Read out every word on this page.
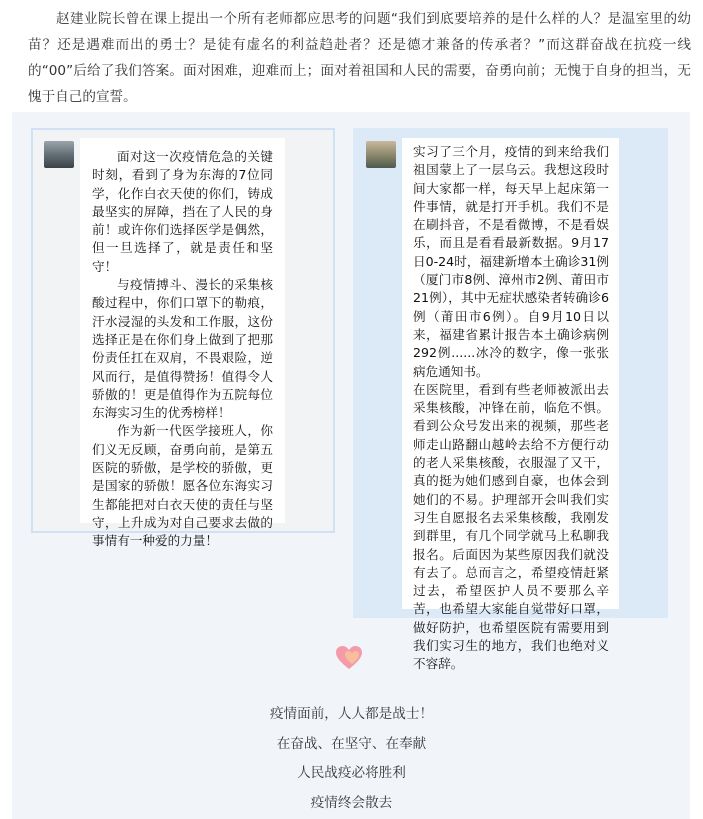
赵建业院长曾在课上提出一个所有老师都应思考的问题“我们到底要培养的是什么样的人？是温室里的幼苗？还是遇难而出的勇士？是徒有虚名的利益趋赴者？还是德才兼备的传承者？”而这群奋战在抗疫一线的“00”后给了我们答案。面对困难，迎难而上；面对着祖国和人民的需要，奋勇向前；无愧于自身的担当，无愧于自己的宣誓。

面对这一次疫情危急的关键时刻，看到了身为东海的7位同学，化作白衣天使的你们，铸成最坚实的屏障，挡在了人民的身前！或许你们选择医学是偶然，但一旦选择了，就是责任和坚守！

与疫情搏斗、漫长的采集核酸过程中，你们口罩下的勒痕，汗水浸湿的头发和工作服，这份选择正是在你们身上做到了把那份责任扛在双肩，不畏艰险，逆风而行，是值得赞扬！值得令人骄傲的！更是值得作为五院每位东海实习生的优秀榜样！

作为新一代医学接班人，你们义无反顾，奋勇向前，是第五医院的骄傲，是学校的骄傲，更是国家的骄傲！愿各位东海实习生都能把对白衣天使的责任与坚守，上升成为对自己要求去做的事情有一种爱的力量！

实习了三个月，疫情的到来给我们祖国蒙上了一层乌云。我想这段时间大家都一样，每天早上起床第一件事情，就是打开手机。我们不是在刷抖音，不是看微博，不是看娱乐，而且是看看最新数据。9月17日0-24时，福建新增本土确诊31例（厦门市8例、漳州市2例、莆田市21例），其中无症状感染者转确诊6例（莆田市6例）。自9月10日以来，福建省累计报告本土确诊病例292例......冰冷的数字，像一张张病危通知书。

在医院里，看到有些老师被派出去采集核酸，冲锋在前，临危不惧。看到公众号发出来的视频，那些老师走山路翻山越岭去给不方便行动的老人采集核酸，衣服湿了又干，真的挺为她们感到自豪，也体会到她们的不易。护理部开会叫我们实习生自愿报名去采集核酸，我刚发到群里，有几个同学就马上私聊我报名。后面因为某些原因我们就没有去了。总而言之，希望疫情赶紧过去，希望医护人员不要那么辛苦，也希望大家能自觉带好口罩，做好防护，也希望医院有需要用到我们实习生的地方，我们也绝对义不容辞。

疫情面前，人人都是战士！
在奋战、在坚守、在奉献
人民战疫必将胜利
疫情终会散去
